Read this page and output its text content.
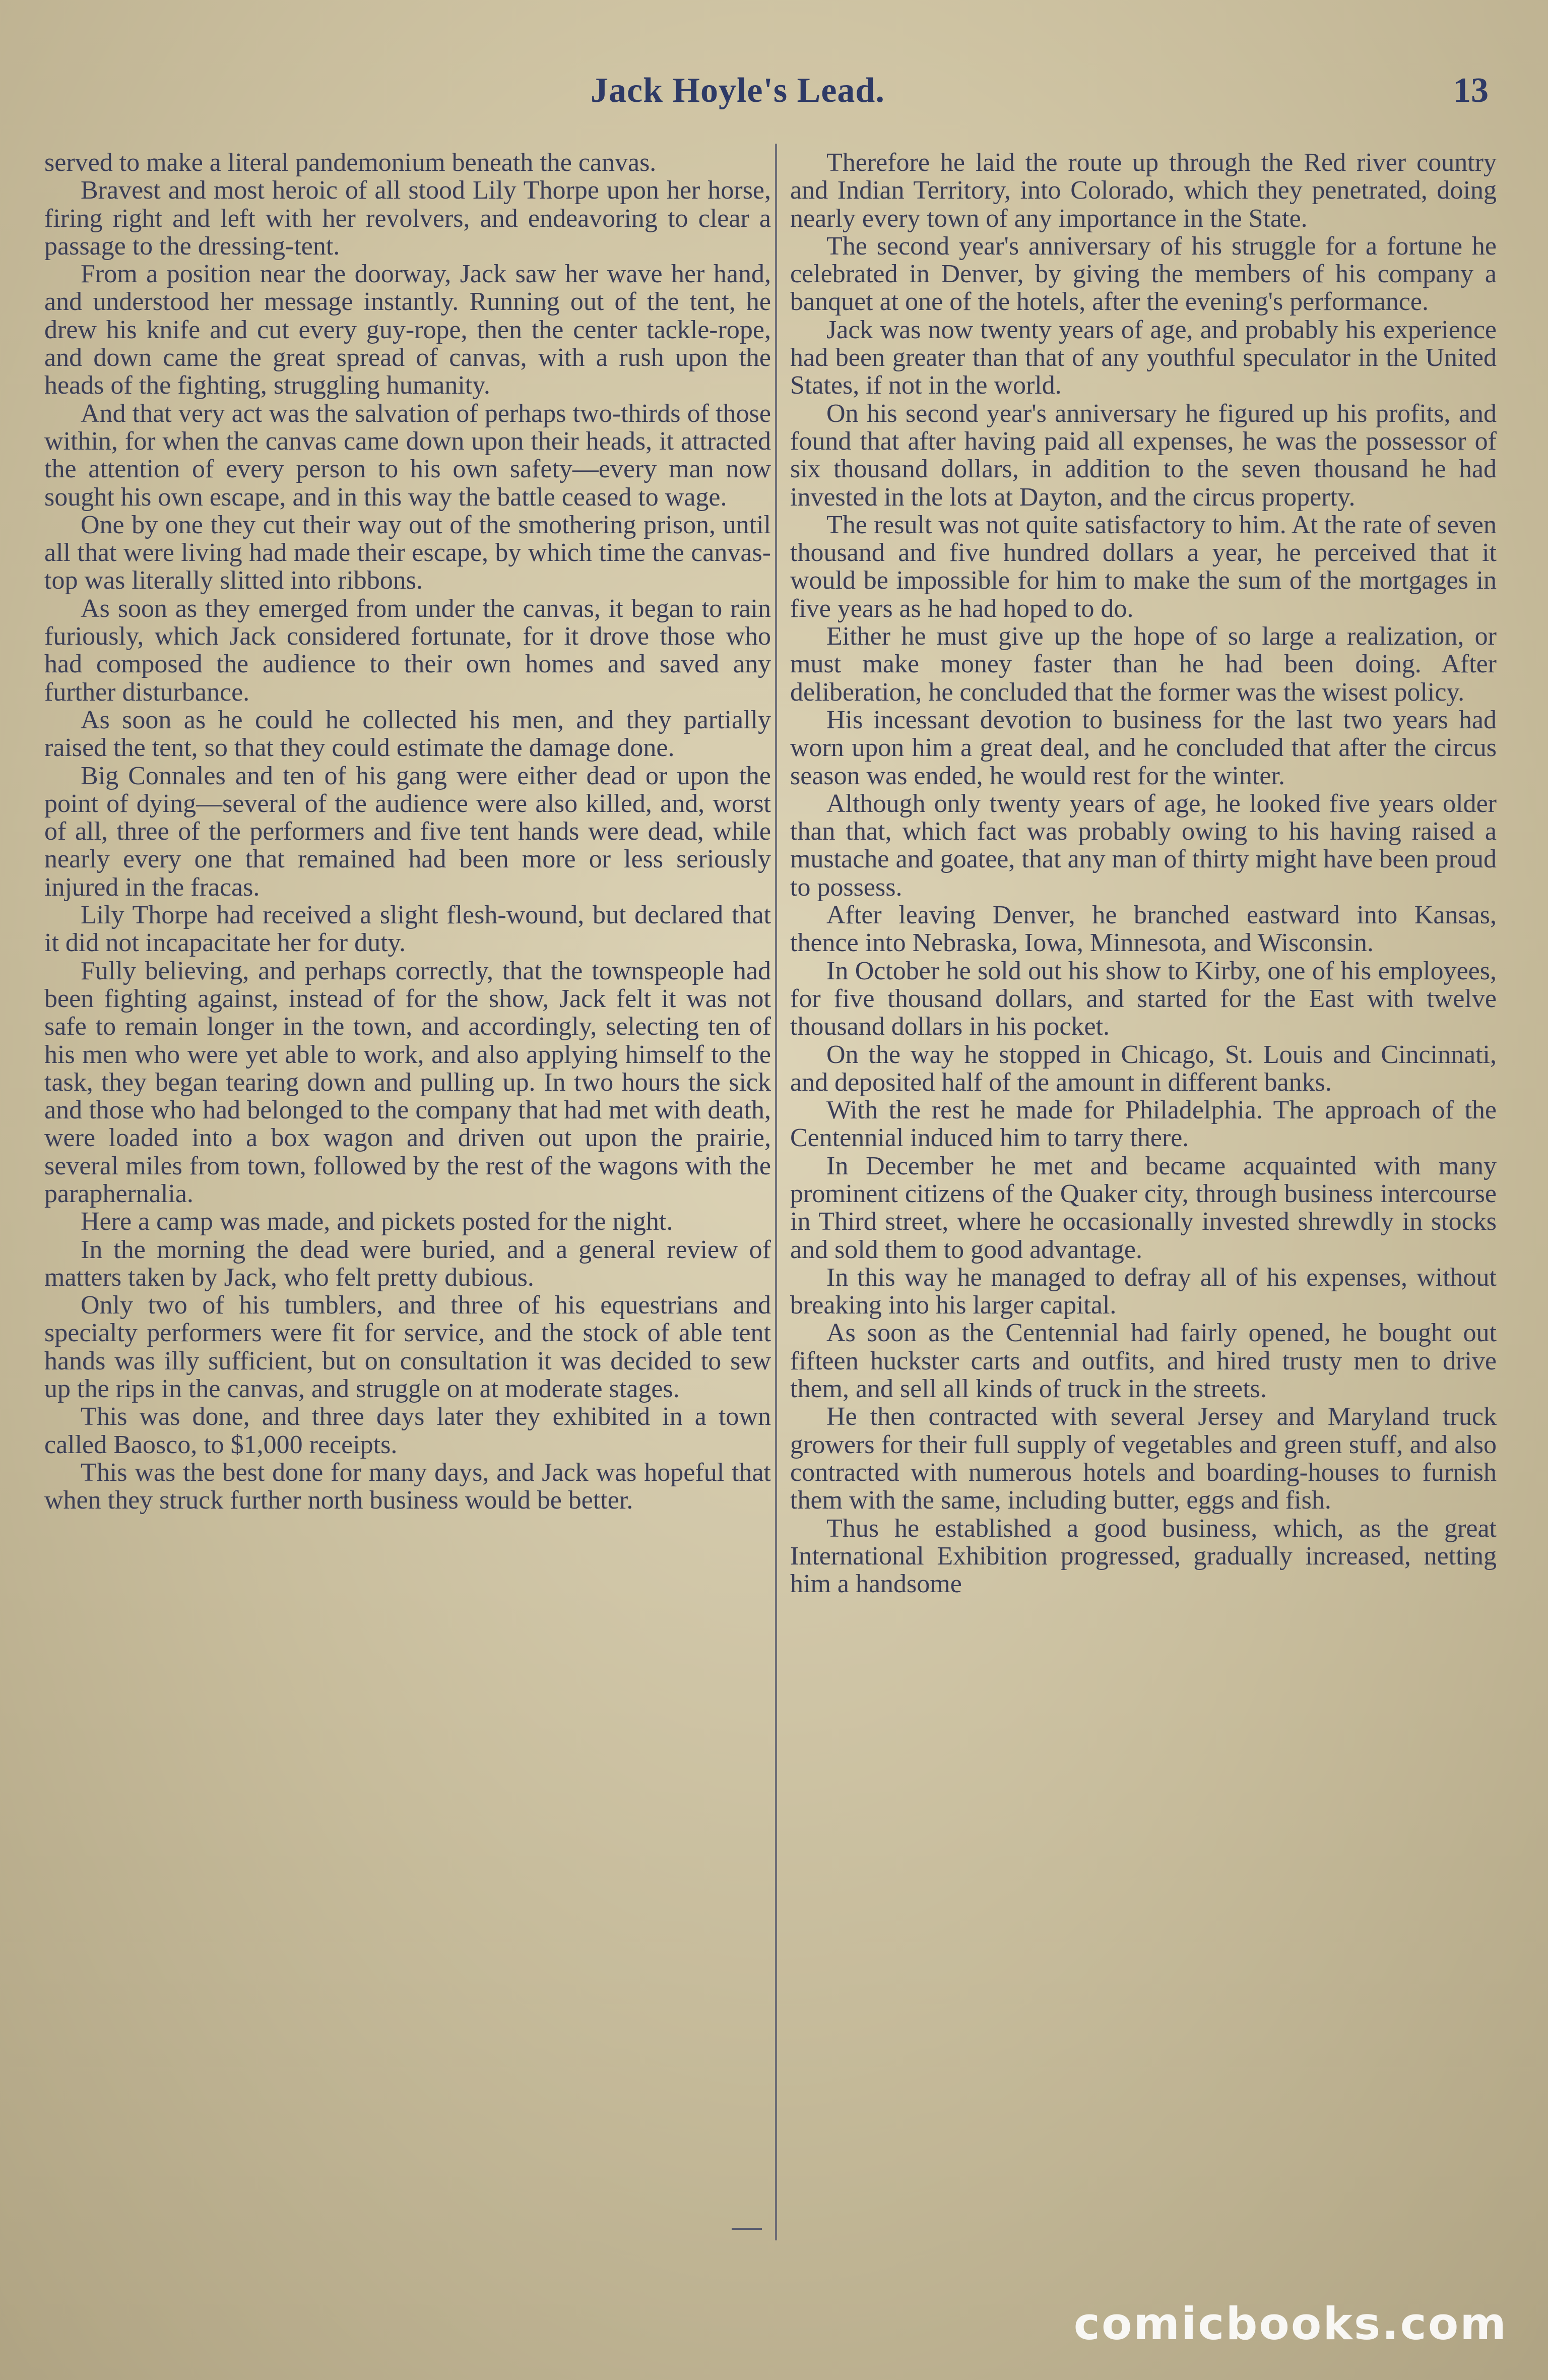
Jack Hoyle's Lead.	13

served to make a literal pandemonium beneath the canvas.

Bravest and most heroic of all stood Lily Thorpe upon her horse, firing right and left with her revolvers, and endeavoring to clear a passage to the dressing-tent.

From a position near the doorway, Jack saw her wave her hand, and understood her message instantly. Running out of the tent, he drew his knife and cut every guy-rope, then the center tackle-rope, and down came the great spread of canvas, with a rush upon the heads of the fighting, struggling humanity.

And that very act was the salvation of perhaps two-thirds of those within, for when the canvas came down upon their heads, it attracted the attention of every person to his own safety—every man now sought his own escape, and in this way the battle ceased to wage.

One by one they cut their way out of the smothering prison, until all that were living had made their escape, by which time the canvas-top was literally slitted into ribbons.

As soon as they emerged from under the canvas, it began to rain furiously, which Jack considered fortunate, for it drove those who had composed the audience to their own homes and saved any further disturbance.

As soon as he could he collected his men, and they partially raised the tent, so that they could estimate the damage done.

Big Connales and ten of his gang were either dead or upon the point of dying—several of the audience were also killed, and, worst of all, three of the performers and five tent hands were dead, while nearly every one that remained had been more or less seriously injured in the fracas.

Lily Thorpe had received a slight flesh-wound, but declared that it did not incapacitate her for duty.

Fully believing, and perhaps correctly, that the townspeople had been fighting against, instead of for the show, Jack felt it was not safe to remain longer in the town, and accordingly, selecting ten of his men who were yet able to work, and also applying himself to the task, they began tearing down and pulling up. In two hours the sick and those who had belonged to the company that had met with death, were loaded into a box wagon and driven out upon the prairie, several miles from town, followed by the rest of the wagons with the paraphernalia.

Here a camp was made, and pickets posted for the night.

In the morning the dead were buried, and a general review of matters taken by Jack, who felt pretty dubious.

Only two of his tumblers, and three of his equestrians and specialty performers were fit for service, and the stock of able tent hands was illy sufficient, but on consultation it was decided to sew up the rips in the canvas, and struggle on at moderate stages.

This was done, and three days later they exhibited in a town called Baosco, to $1,000 receipts.

This was the best done for many days, and Jack was hopeful that when they struck further north business would be better.

Therefore he laid the route up through the Red river country and Indian Territory, into Colorado, which they penetrated, doing nearly every town of any importance in the State.

The second year's anniversary of his struggle for a fortune he celebrated in Denver, by giving the members of his company a banquet at one of the hotels, after the evening's performance.

Jack was now twenty years of age, and probably his experience had been greater than that of any youthful speculator in the United States, if not in the world.

On his second year's anniversary he figured up his profits, and found that after having paid all expenses, he was the possessor of six thousand dollars, in addition to the seven thousand he had invested in the lots at Dayton, and the circus property.

The result was not quite satisfactory to him. At the rate of seven thousand and five hundred dollars a year, he perceived that it would be impossible for him to make the sum of the mortgages in five years as he had hoped to do.

Either he must give up the hope of so large a realization, or must make money faster than he had been doing. After deliberation, he concluded that the former was the wisest policy.

His incessant devotion to business for the last two years had worn upon him a great deal, and he concluded that after the circus season was ended, he would rest for the winter.

Although only twenty years of age, he looked five years older than that, which fact was probably owing to his having raised a mustache and goatee, that any man of thirty might have been proud to possess.

After leaving Denver, he branched eastward into Kansas, thence into Nebraska, Iowa, Minnesota, and Wisconsin.

In October he sold out his show to Kirby, one of his employees, for five thousand dollars, and started for the East with twelve thousand dollars in his pocket.

On the way he stopped in Chicago, St. Louis and Cincinnati, and deposited half of the amount in different banks.

With the rest he made for Philadelphia. The approach of the Centennial induced him to tarry there.

In December he met and became acquainted with many prominent citizens of the Quaker city, through business intercourse in Third street, where he occasionally invested shrewdly in stocks and sold them to good advantage.

In this way he managed to defray all of his expenses, without breaking into his larger capital.

As soon as the Centennial had fairly opened, he bought out fifteen huckster carts and outfits, and hired trusty men to drive them, and sell all kinds of truck in the streets.

He then contracted with several Jersey and Maryland truck growers for their full supply of vegetables and green stuff, and also contracted with numerous hotels and boarding-houses to furnish them with the same, including butter, eggs and fish.

Thus he established a good business, which, as the great International Exhibition progressed, gradually increased, netting him a handsome

comicbooks.com
